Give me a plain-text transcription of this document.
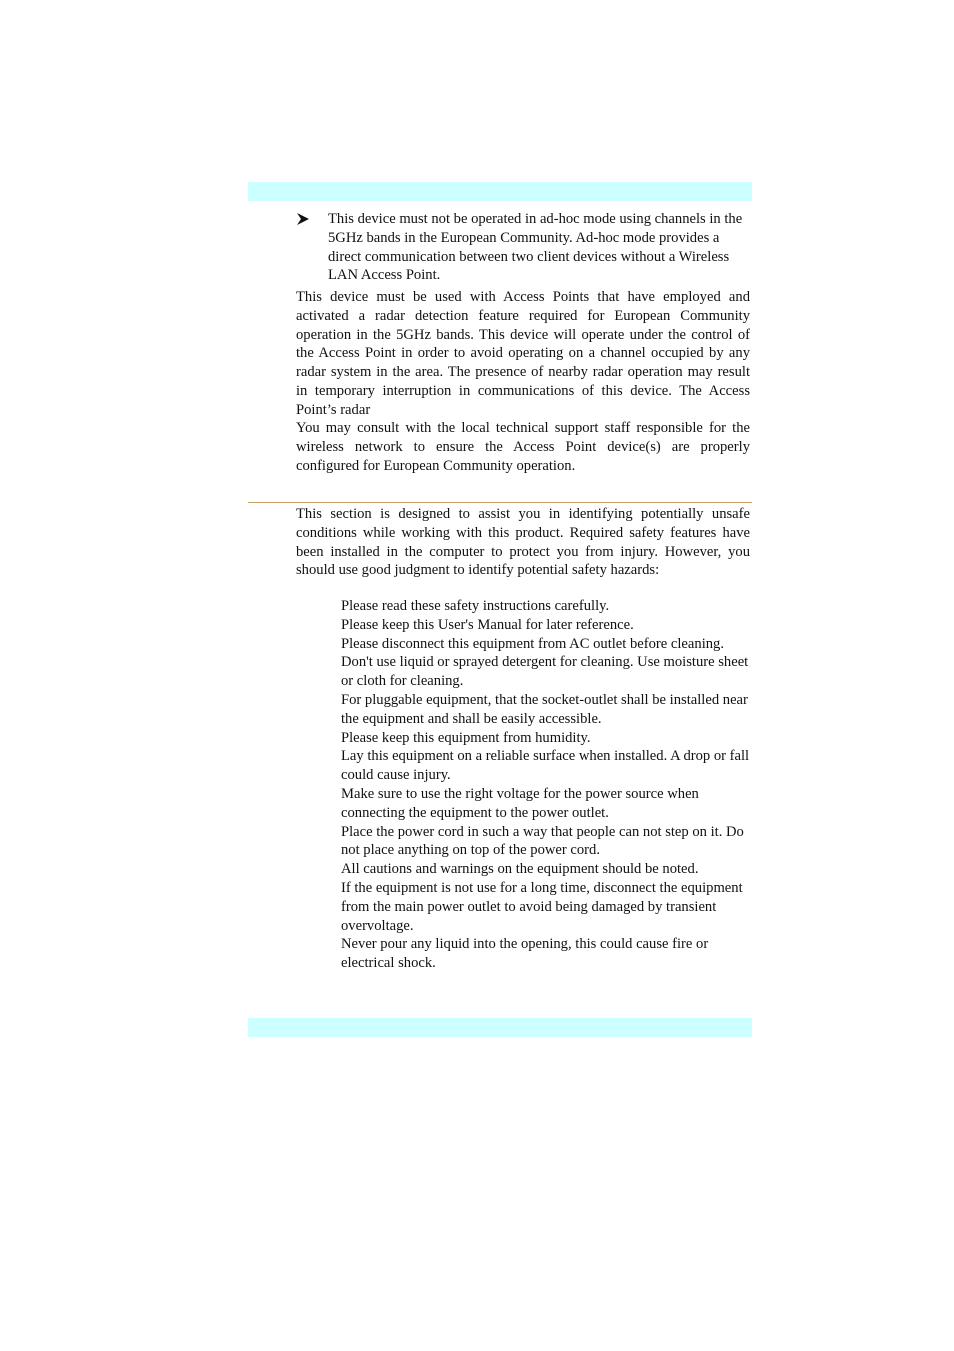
This device must not be operated in ad-hoc mode using channels in the 5GHz bands in the European Community. Ad-hoc mode provides a direct communication between two client devices without a Wireless LAN Access Point.
This device must be used with Access Points that have employed and activated a radar detection feature required for European Community operation in the 5GHz bands. This device will operate under the control of the Access Point in order to avoid operating on a channel occupied by any radar system in the area. The presence of nearby radar operation may result in temporary interruption in communications of this device. The Access Point’s radar
You may consult with the local technical support staff responsible for the wireless network to ensure the Access Point device(s) are properly configured for European Community operation.
This section is designed to assist you in identifying potentially unsafe conditions while working with this product. Required safety features have been installed in the computer to protect you from injury. However, you should use good judgment to identify potential safety hazards:
Please read these safety instructions carefully.
Please keep this User's Manual for later reference.
Please disconnect this equipment from AC outlet before cleaning. Don't use liquid or sprayed detergent for cleaning. Use moisture sheet or cloth for cleaning.
For pluggable equipment, that the socket-outlet shall be installed near the equipment and shall be easily accessible.
Please keep this equipment from humidity.
Lay this equipment on a reliable surface when installed. A drop or fall could cause injury.
Make sure to use the right voltage for the power source when connecting the equipment to the power outlet.
Place the power cord in such a way that people can not step on it. Do not place anything on top of the power cord.
All cautions and warnings on the equipment should be noted.
If the equipment is not use for a long time, disconnect the equipment from the main power outlet to avoid being damaged by transient overvoltage.
Never pour any liquid into the opening, this could cause fire or electrical shock.
